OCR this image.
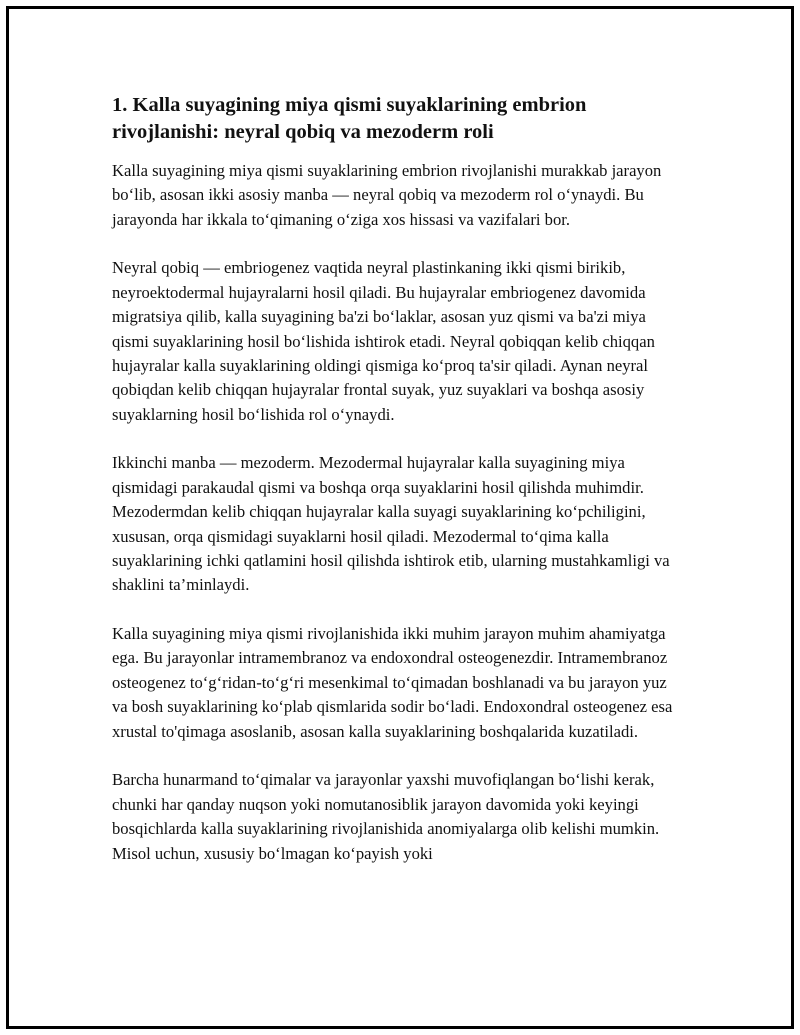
1. Kalla suyagining miya qismi suyaklarining embrion rivojlanishi: neyral qobiq va mezoderm roli

Kalla suyagining miya qismi suyaklarining embrion rivojlanishi murakkab jarayon bo‘lib, asosan ikki asosiy manba — neyral qobiq va mezoderm rol o‘ynaydi. Bu jarayonda har ikkala to‘qimaning o‘ziga xos hissasi va vazifalari bor.

Neyral qobiq — embriogenez vaqtida neyral plastinkaning ikki qismi birikib, neyroektodermal hujayralarni hosil qiladi. Bu hujayralar embriogenez davomida migratsiya qilib, kalla suyagining ba'zi bo‘laklar, asosan yuz qismi va ba'zi miya qismi suyaklarining hosil bo‘lishida ishtirok etadi. Neyral qobiqqan kelib chiqqan hujayralar kalla suyaklarining oldingi qismiga ko‘proq ta'sir qiladi. Aynan neyral qobiqdan kelib chiqqan hujayralar frontal suyak, yuz suyaklari va boshqa asosiy suyaklarning hosil bo‘lishida rol o‘ynaydi.

Ikkinchi manba — mezoderm. Mezodermal hujayralar kalla suyagining miya qismidagi parakaudal qismi va boshqa orqa suyaklarini hosil qilishda muhimdir. Mezodermdan kelib chiqqan hujayralar kalla suyagi suyaklarining ko‘pchiligini, xususan, orqa qismidagi suyaklarni hosil qiladi. Mezodermal to‘qima kalla suyaklarining ichki qatlamini hosil qilishda ishtirok etib, ularning mustahkamligi va shaklini ta’minlaydi.

Kalla suyagining miya qismi rivojlanishida ikki muhim jarayon muhim ahamiyatga ega. Bu jarayonlar intramembranoz va endoxondral osteogenezdir. Intramembranoz osteogenez to‘g‘ridan-to‘g‘ri mesenkimal to‘qimadan boshlanadi va bu jarayon yuz va bosh suyaklarining ko‘plab qismlarida sodir bo‘ladi. Endoxondral osteogenez esa xrustal to'qimaga asoslanib, asosan kalla suyaklarining boshqalarida kuzatiladi.

Barcha hunarmand to‘qimalar va jarayonlar yaxshi muvofiqlangan bo‘lishi kerak, chunki har qanday nuqson yoki nomutanosiblik jarayon davomida yoki keyingi bosqichlarda kalla suyaklarining rivojlanishida anomiyalarga olib kelishi mumkin. Misol uchun, xususiy bo‘lmagan ko‘payish yoki
